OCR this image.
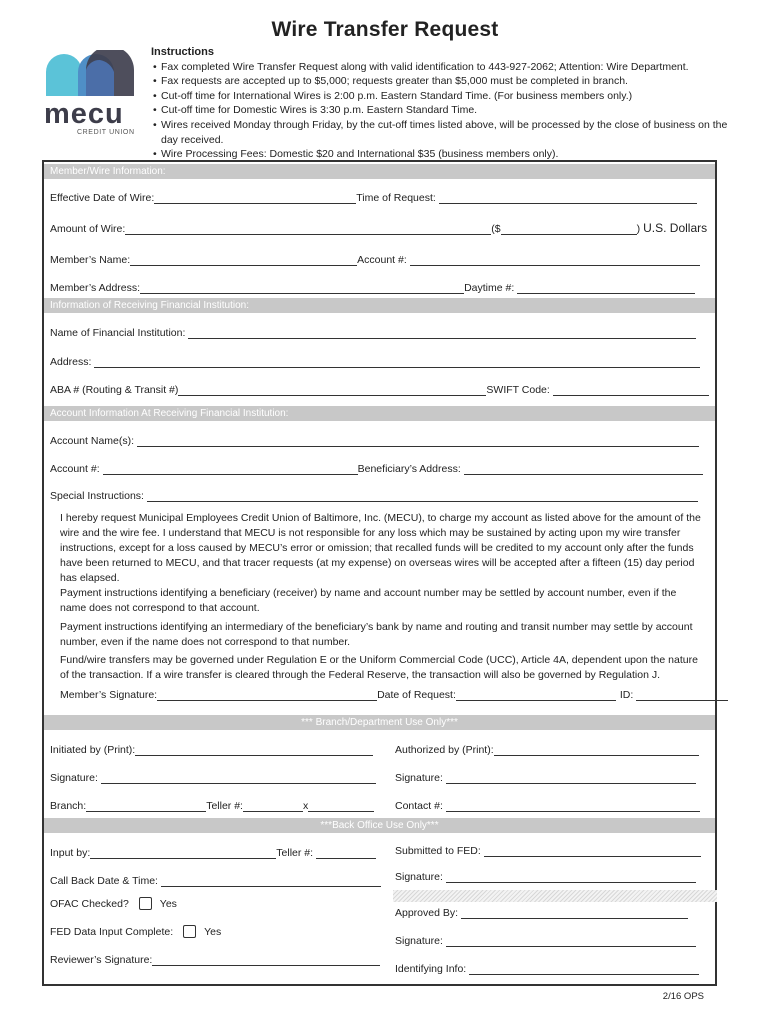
Wire Transfer Request
mecu
CREDIT UNION
Instructions
• Fax completed Wire Transfer Request along with valid identification to 443-927-2062; Attention: Wire Department.
• Fax requests are accepted up to $5,000; requests greater than $5,000 must be completed in branch.
• Cut-off time for International Wires is 2:00 p.m. Eastern Standard Time. (For business members only.)
• Cut-off time for Domestic Wires is 3:30 p.m. Eastern Standard Time.
• Wires received Monday through Friday, by the cut-off times listed above, will be processed by the close of business on the day received.
• Wire Processing Fees: Domestic $20 and International $35 (business members only).
Member/Wire Information:
Effective Date of Wire:	Time of Request:
Amount of Wire:	($	) U.S. Dollars
Member’s Name:	Account #:
Member’s Address:	Daytime #:
Information of Receiving Financial Institution:
Name of Financial Institution:
Address:
ABA # (Routing & Transit #)	SWIFT Code:
Account Information At Receiving Financial Institution:
Account Name(s):
Account #:	Beneficiary’s Address:
Special Instructions:
I hereby request Municipal Employees Credit Union of Baltimore, Inc. (MECU), to charge my account as listed above for the amount of the wire and the wire fee. I understand that MECU is not responsible for any loss which may be sustained by acting upon my wire transfer instructions, except for a loss caused by MECU’s error or omission; that recalled funds will be credited to my account only after the funds have been returned to MECU, and that tracer requests (at my expense) on overseas wires will be accepted after a fifteen (15) day period has elapsed.
Payment instructions identifying a beneficiary (receiver) by name and account number may be settled by account number, even if the name does not correspond to that account.
Payment instructions identifying an intermediary of the beneficiary’s bank by name and routing and transit number may settle by account number, even if the name does not correspond to that number.
Fund/wire transfers may be governed under Regulation E or the Uniform Commercial Code (UCC), Article 4A, dependent upon the nature of the transaction. If a wire transfer is cleared through the Federal Reserve, the transaction will also be governed by Regulation J.
Member’s Signature:	Date of Request:	ID:
*** Branch/Department Use Only***
Initiated by (Print):	Authorized by (Print):
Signature:	Signature:
Branch:	Teller #:	x	Contact #:
***Back Office Use Only***
Input by:	Teller #:	Submitted to FED:
Call Back Date & Time:	Signature:
OFAC Checked?	Yes
Approved By:
FED Data Input Complete:	Yes
Signature:
Reviewer’s Signature:
Identifying Info:
2/16 OPS
